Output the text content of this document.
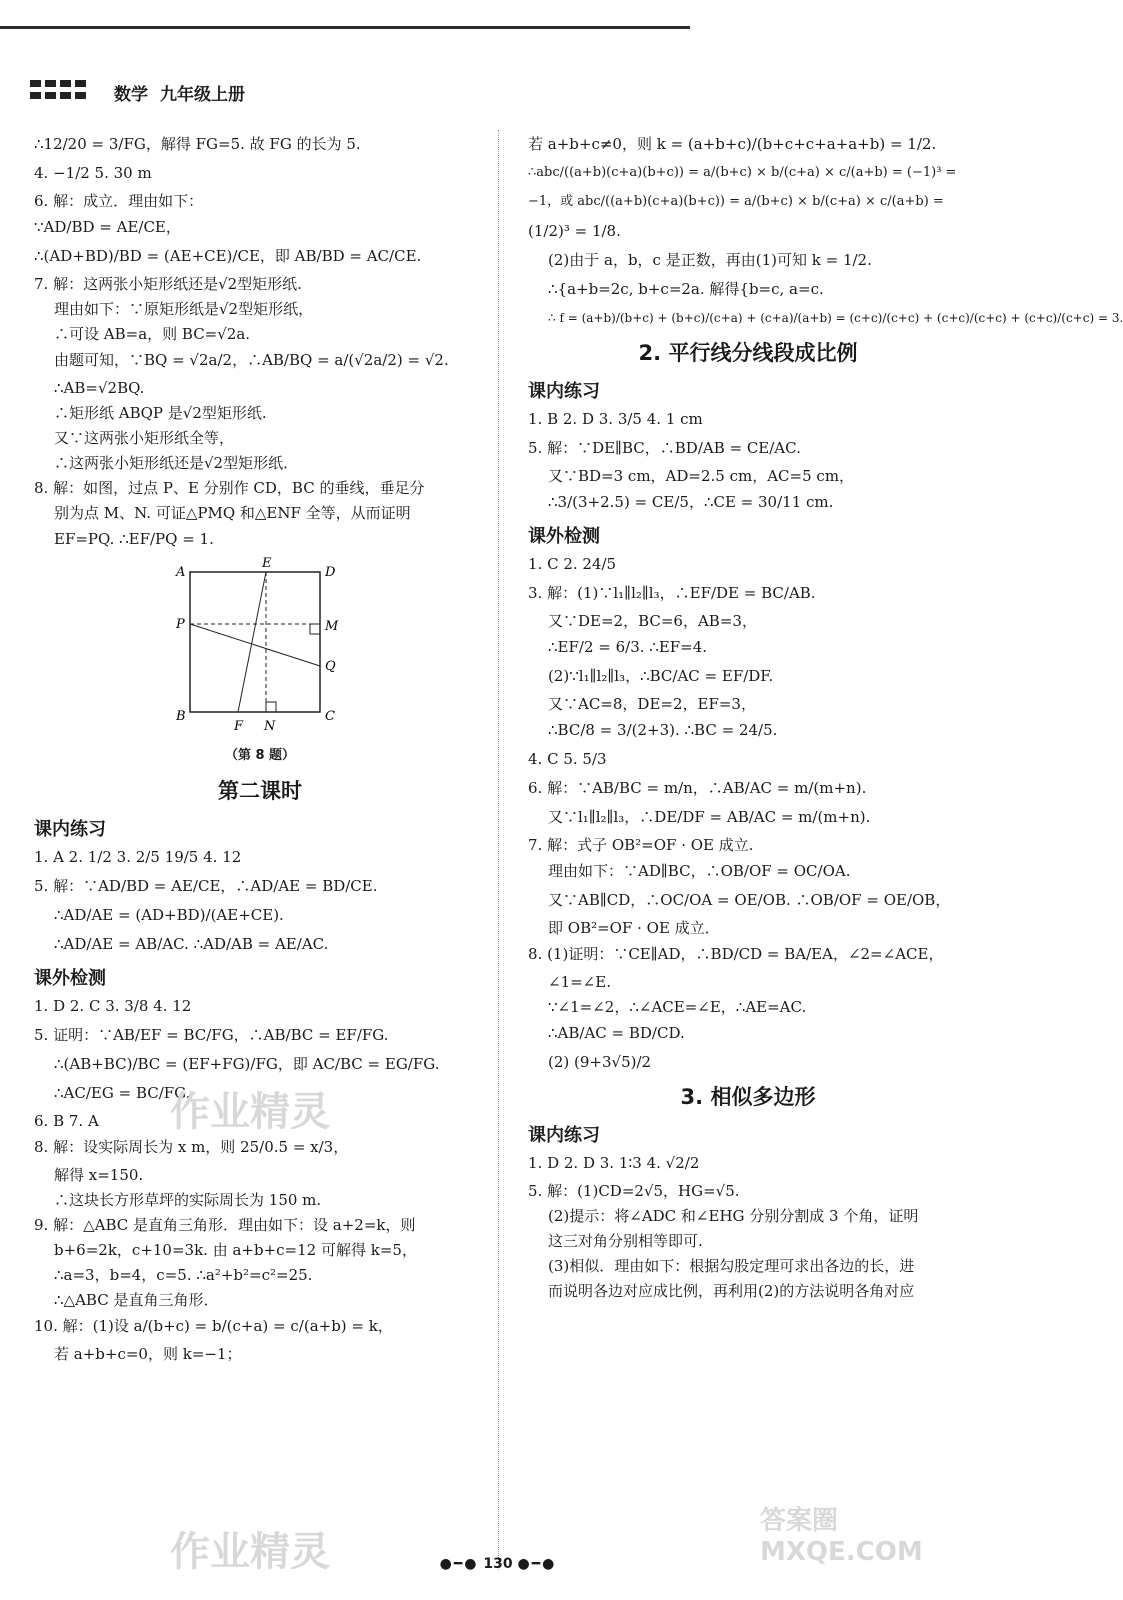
数学 九年级上册
∴12/20 = 3/FG，解得 FG=5. 故 FG 的长为 5.
4. −1/2 5. 30 m
6. 解：成立．理由如下：
∵AD/BD = AE/CE，
∴(AD+BD)/BD = (AE+CE)/CE，即 AB/BD = AC/CE.
7. 解：这两张小矩形纸还是√2型矩形纸.
理由如下：∵原矩形纸是√2型矩形纸，
∴可设 AB=a，则 BC=√2a.
由题可知，∵BQ = √2a/2，∴AB/BQ = a/(√2a/2) = √2.
∴AB=√2BQ.
∴矩形纸 ABQP 是√2型矩形纸.
又∵这两张小矩形纸全等，
∴这两张小矩形纸还是√2型矩形纸．
8. 解：如图，过点 P、E 分别作 CD，BC 的垂线，垂足分
别为点 M、N. 可证△PMQ 和△ENF 全等，从而证明
EF=PQ. ∴EF/PQ = 1.
A
E
D
P	M
Q
B
F N
C
（第 8 题）
第二课时
课内练习
1. A 2. 1/2 3. 2/5 19/5 4. 12
5. 解：∵AD/BD = AE/CE，∴AD/AE = BD/CE.
∴AD/AE = (AD+BD)/(AE+CE).
∴AD/AE = AB/AC. ∴AD/AB = AE/AC.
课外检测
1. D 2. C 3. 3/8 4. 12
5. 证明：∵AB/EF = BC/FG，∴AB/BC = EF/FG.
∴(AB+BC)/BC = (EF+FG)/FG，即 AC/BC = EG/FG.
∴AC/EG = BC/FG.
6. B 7. A
8. 解：设实际周长为 x m，则 25/0.5 = x/3，
解得 x=150.
∴这块长方形草坪的实际周长为 150 m.
9. 解：△ABC 是直角三角形．理由如下：设 a+2=k，则
b+6=2k，c+10=3k. 由 a+b+c=12 可解得 k=5，
∴a=3，b=4，c=5. ∴a²+b²=c²=25.
∴△ABC 是直角三角形．
10. 解：(1)设 a/(b+c) = b/(c+a) = c/(a+b) = k，
若 a+b+c=0，则 k=−1；
若 a+b+c≠0，则 k = (a+b+c)/(b+c+c+a+a+b) = 1/2.
∴abc/((a+b)(c+a)(b+c)) = a/(b+c) × b/(c+a) × c/(a+b) = (−1)³ =
−1，或 abc/((a+b)(c+a)(b+c)) = a/(b+c) × b/(c+a) × c/(a+b) =
(1/2)³ = 1/8.
(2)由于 a，b，c 是正数，再由(1)可知 k = 1/2.
∴{a+b=2c, b+c=2a. 解得{b=c, a=c.
∴ f = (a+b)/(b+c) + (b+c)/(c+a) + (c+a)/(a+b) = (c+c)/(c+c) + (c+c)/(c+c) + (c+c)/(c+c) = 3.
2. 平行线分线段成比例
课内练习
1. B 2. D 3. 3/5 4. 1 cm
5. 解：∵DE∥BC，∴BD/AB = CE/AC.
又∵BD=3 cm，AD=2.5 cm，AC=5 cm，
∴3/(3+2.5) = CE/5，∴CE = 30/11 cm.
课外检测
1. C 2. 24/5
3. 解：(1)∵l₁∥l₂∥l₃，∴EF/DE = BC/AB.
又∵DE=2，BC=6，AB=3，
∴EF/2 = 6/3. ∴EF=4.
(2)∵l₁∥l₂∥l₃，∴BC/AC = EF/DF.
又∵AC=8，DE=2，EF=3，
∴BC/8 = 3/(2+3). ∴BC = 24/5.
4. C 5. 5/3
6. 解：∵AB/BC = m/n，∴AB/AC = m/(m+n).
又∵l₁∥l₂∥l₃，∴DE/DF = AB/AC = m/(m+n).
7. 解：式子 OB²=OF · OE 成立.
理由如下：∵AD∥BC，∴OB/OF = OC/OA.
又∵AB∥CD，∴OC/OA = OE/OB. ∴OB/OF = OE/OB，
即 OB²=OF · OE 成立．
8. (1)证明：∵CE∥AD，∴BD/CD = BA/EA，∠2=∠ACE，
∠1=∠E.
∵∠1=∠2，∴∠ACE=∠E，∴AE=AC.
∴AB/AC = BD/CD.
(2) (9+3√5)/2
3. 相似多边形
课内练习
1. D 2. D 3. 1∶3 4. √2/2
5. 解：(1)CD=2√5，HG=√5.
(2)提示：将∠ADC 和∠EHG 分别分割成 3 个角，证明
这三对角分别相等即可.
(3)相似．理由如下：根据勾股定理可求出各边的长，进
而说明各边对应成比例，再利用(2)的方法说明各角对应
作业精灵
作业精灵
答案圈 MXQE.COM
●━● 130 ●━●
